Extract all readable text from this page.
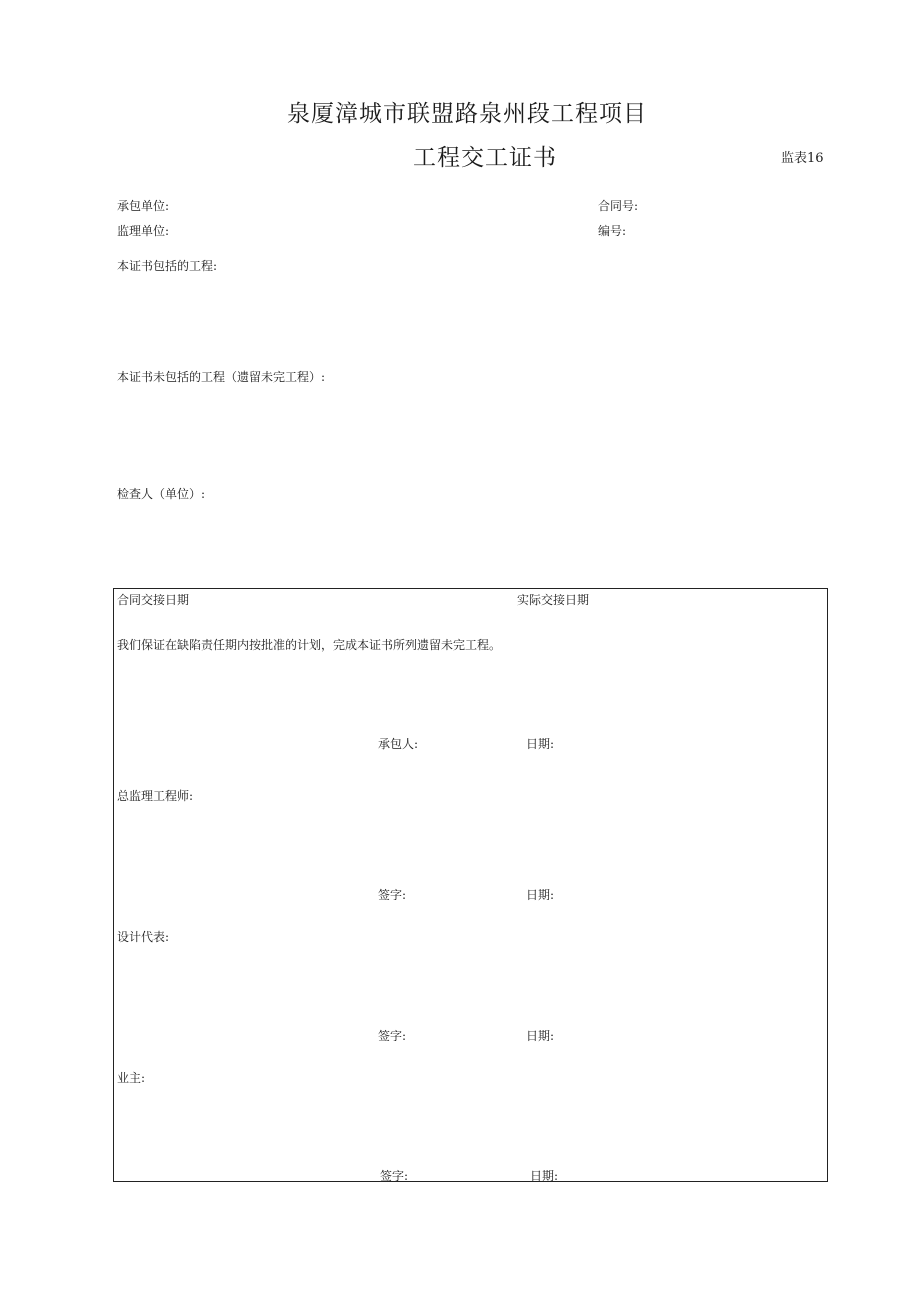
泉厦漳城市联盟路泉州段工程项目
工程交工证书	监表16
承包单位:	合同号:
监理单位:	编号:
本证书包括的工程:
本证书未包括的工程（遗留未完工程）:
检查人（单位）:
合同交接日期	实际交接日期
我们保证在缺陷责任期内按批准的计划，完成本证书所列遗留未完工程。
承包人:	日期:
总监理工程师:
签字:	日期:
设计代表:
签字:	日期:
业主:
签字:	日期:
